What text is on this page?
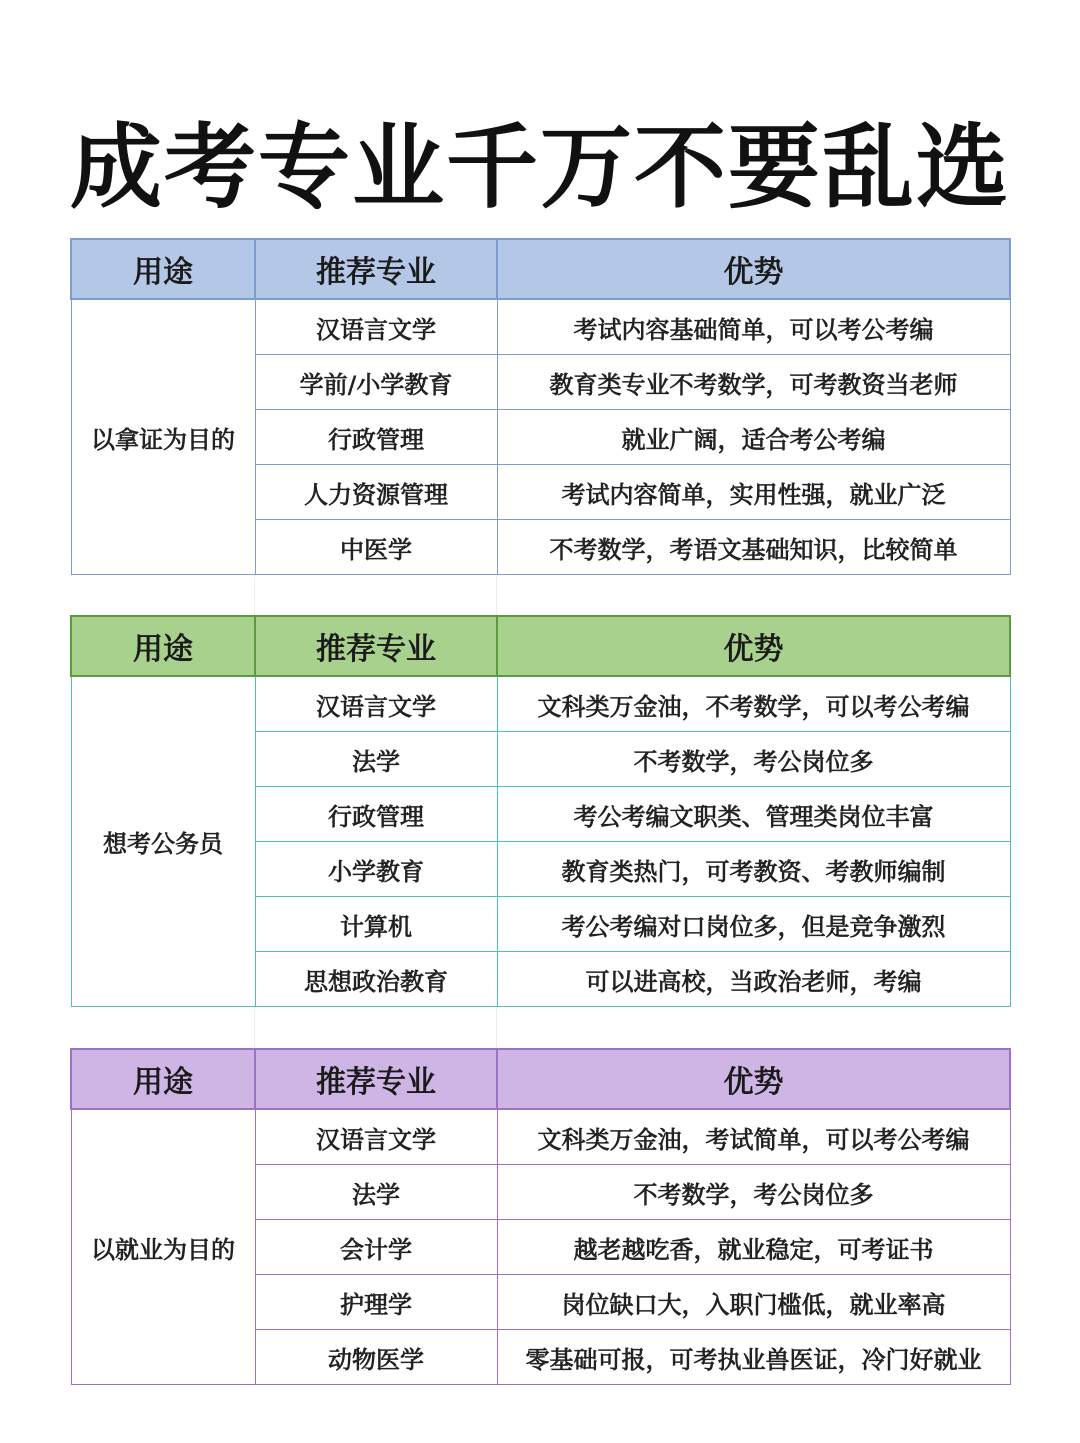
成考专业千万不要乱选
用途	推荐专业	优势
以拿证为目的	汉语言文学	考试内容基础简单，可以考公考编
	学前/小学教育	教育类专业不考数学，可考教资当老师
	行政管理	就业广阔，适合考公考编
	人力资源管理	考试内容简单，实用性强，就业广泛
	中医学	不考数学，考语文基础知识，比较简单
用途	推荐专业	优势
想考公务员	汉语言文学	文科类万金油，不考数学，可以考公考编
	法学	不考数学，考公岗位多
	行政管理	考公考编文职类、管理类岗位丰富
	小学教育	教育类热门，可考教资、考教师编制
	计算机	考公考编对口岗位多，但是竞争激烈
	思想政治教育	可以进高校，当政治老师，考编
用途	推荐专业	优势
以就业为目的	汉语言文学	文科类万金油，考试简单，可以考公考编
	法学	不考数学，考公岗位多
	会计学	越老越吃香，就业稳定，可考证书
	护理学	岗位缺口大，入职门槛低，就业率高
	动物医学	零基础可报，可考执业兽医证，冷门好就业
